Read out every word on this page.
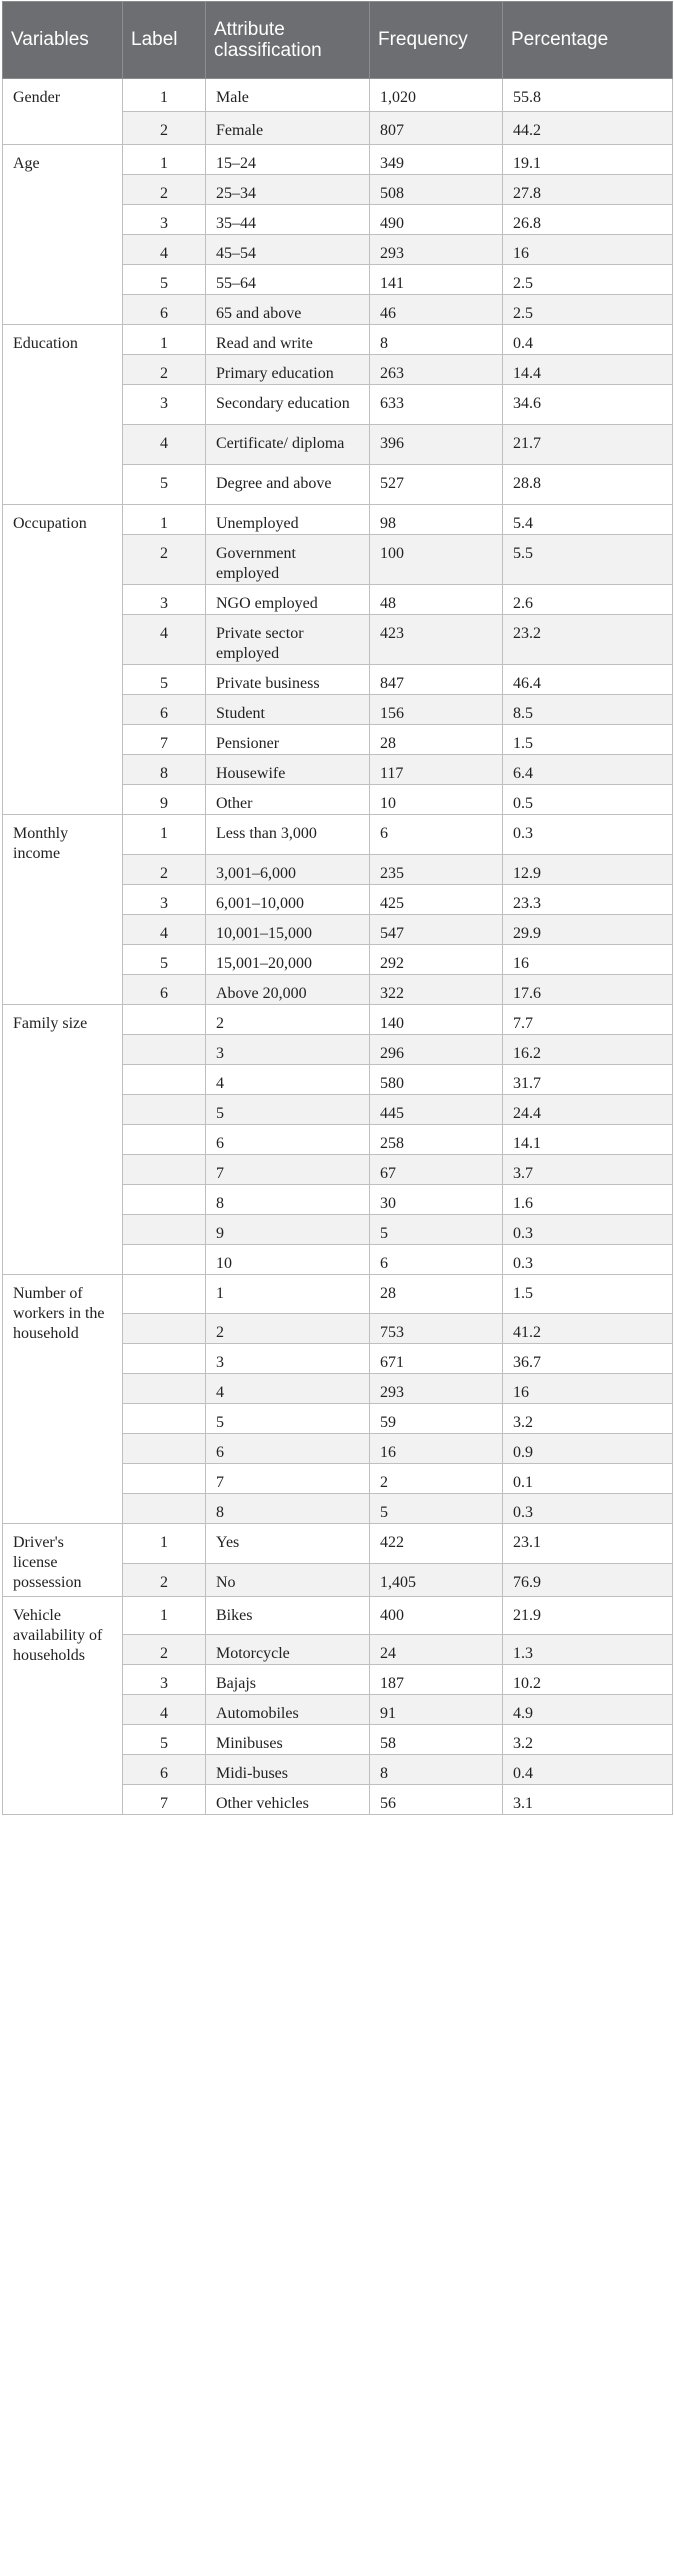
Variables	Label	Attribute classification	Frequency	Percentage
Gender	1	Male	1,020	55.8
	2	Female	807	44.2
Age	1	15–24	349	19.1
	2	25–34	508	27.8
	3	35–44	490	26.8
	4	45–54	293	16
	5	55–64	141	2.5
	6	65 and above	46	2.5
Education	1	Read and write	8	0.4
	2	Primary education	263	14.4
	3	Secondary education	633	34.6
	4	Certificate/ diploma	396	21.7
	5	Degree and above	527	28.8
Occupation	1	Unemployed	98	5.4
	2	Government employed	100	5.5
	3	NGO employed	48	2.6
	4	Private sector employed	423	23.2
	5	Private business	847	46.4
	6	Student	156	8.5
	7	Pensioner	28	1.5
	8	Housewife	117	6.4
	9	Other	10	0.5
Monthly income	1	Less than 3,000	6	0.3
	2	3,001–6,000	235	12.9
	3	6,001–10,000	425	23.3
	4	10,001–15,000	547	29.9
	5	15,001–20,000	292	16
	6	Above 20,000	322	17.6
Family size		2	140	7.7
		3	296	16.2
		4	580	31.7
		5	445	24.4
		6	258	14.1
		7	67	3.7
		8	30	1.6
		9	5	0.3
		10	6	0.3
Number of workers in the household		1	28	1.5
		2	753	41.2
		3	671	36.7
		4	293	16
		5	59	3.2
		6	16	0.9
		7	2	0.1
		8	5	0.3
Driver's license possession	1	Yes	422	23.1
	2	No	1,405	76.9
Vehicle availability of households	1	Bikes	400	21.9
	2	Motorcycle	24	1.3
	3	Bajajs	187	10.2
	4	Automobiles	91	4.9
	5	Minibuses	58	3.2
	6	Midi-buses	8	0.4
	7	Other vehicles	56	3.1
